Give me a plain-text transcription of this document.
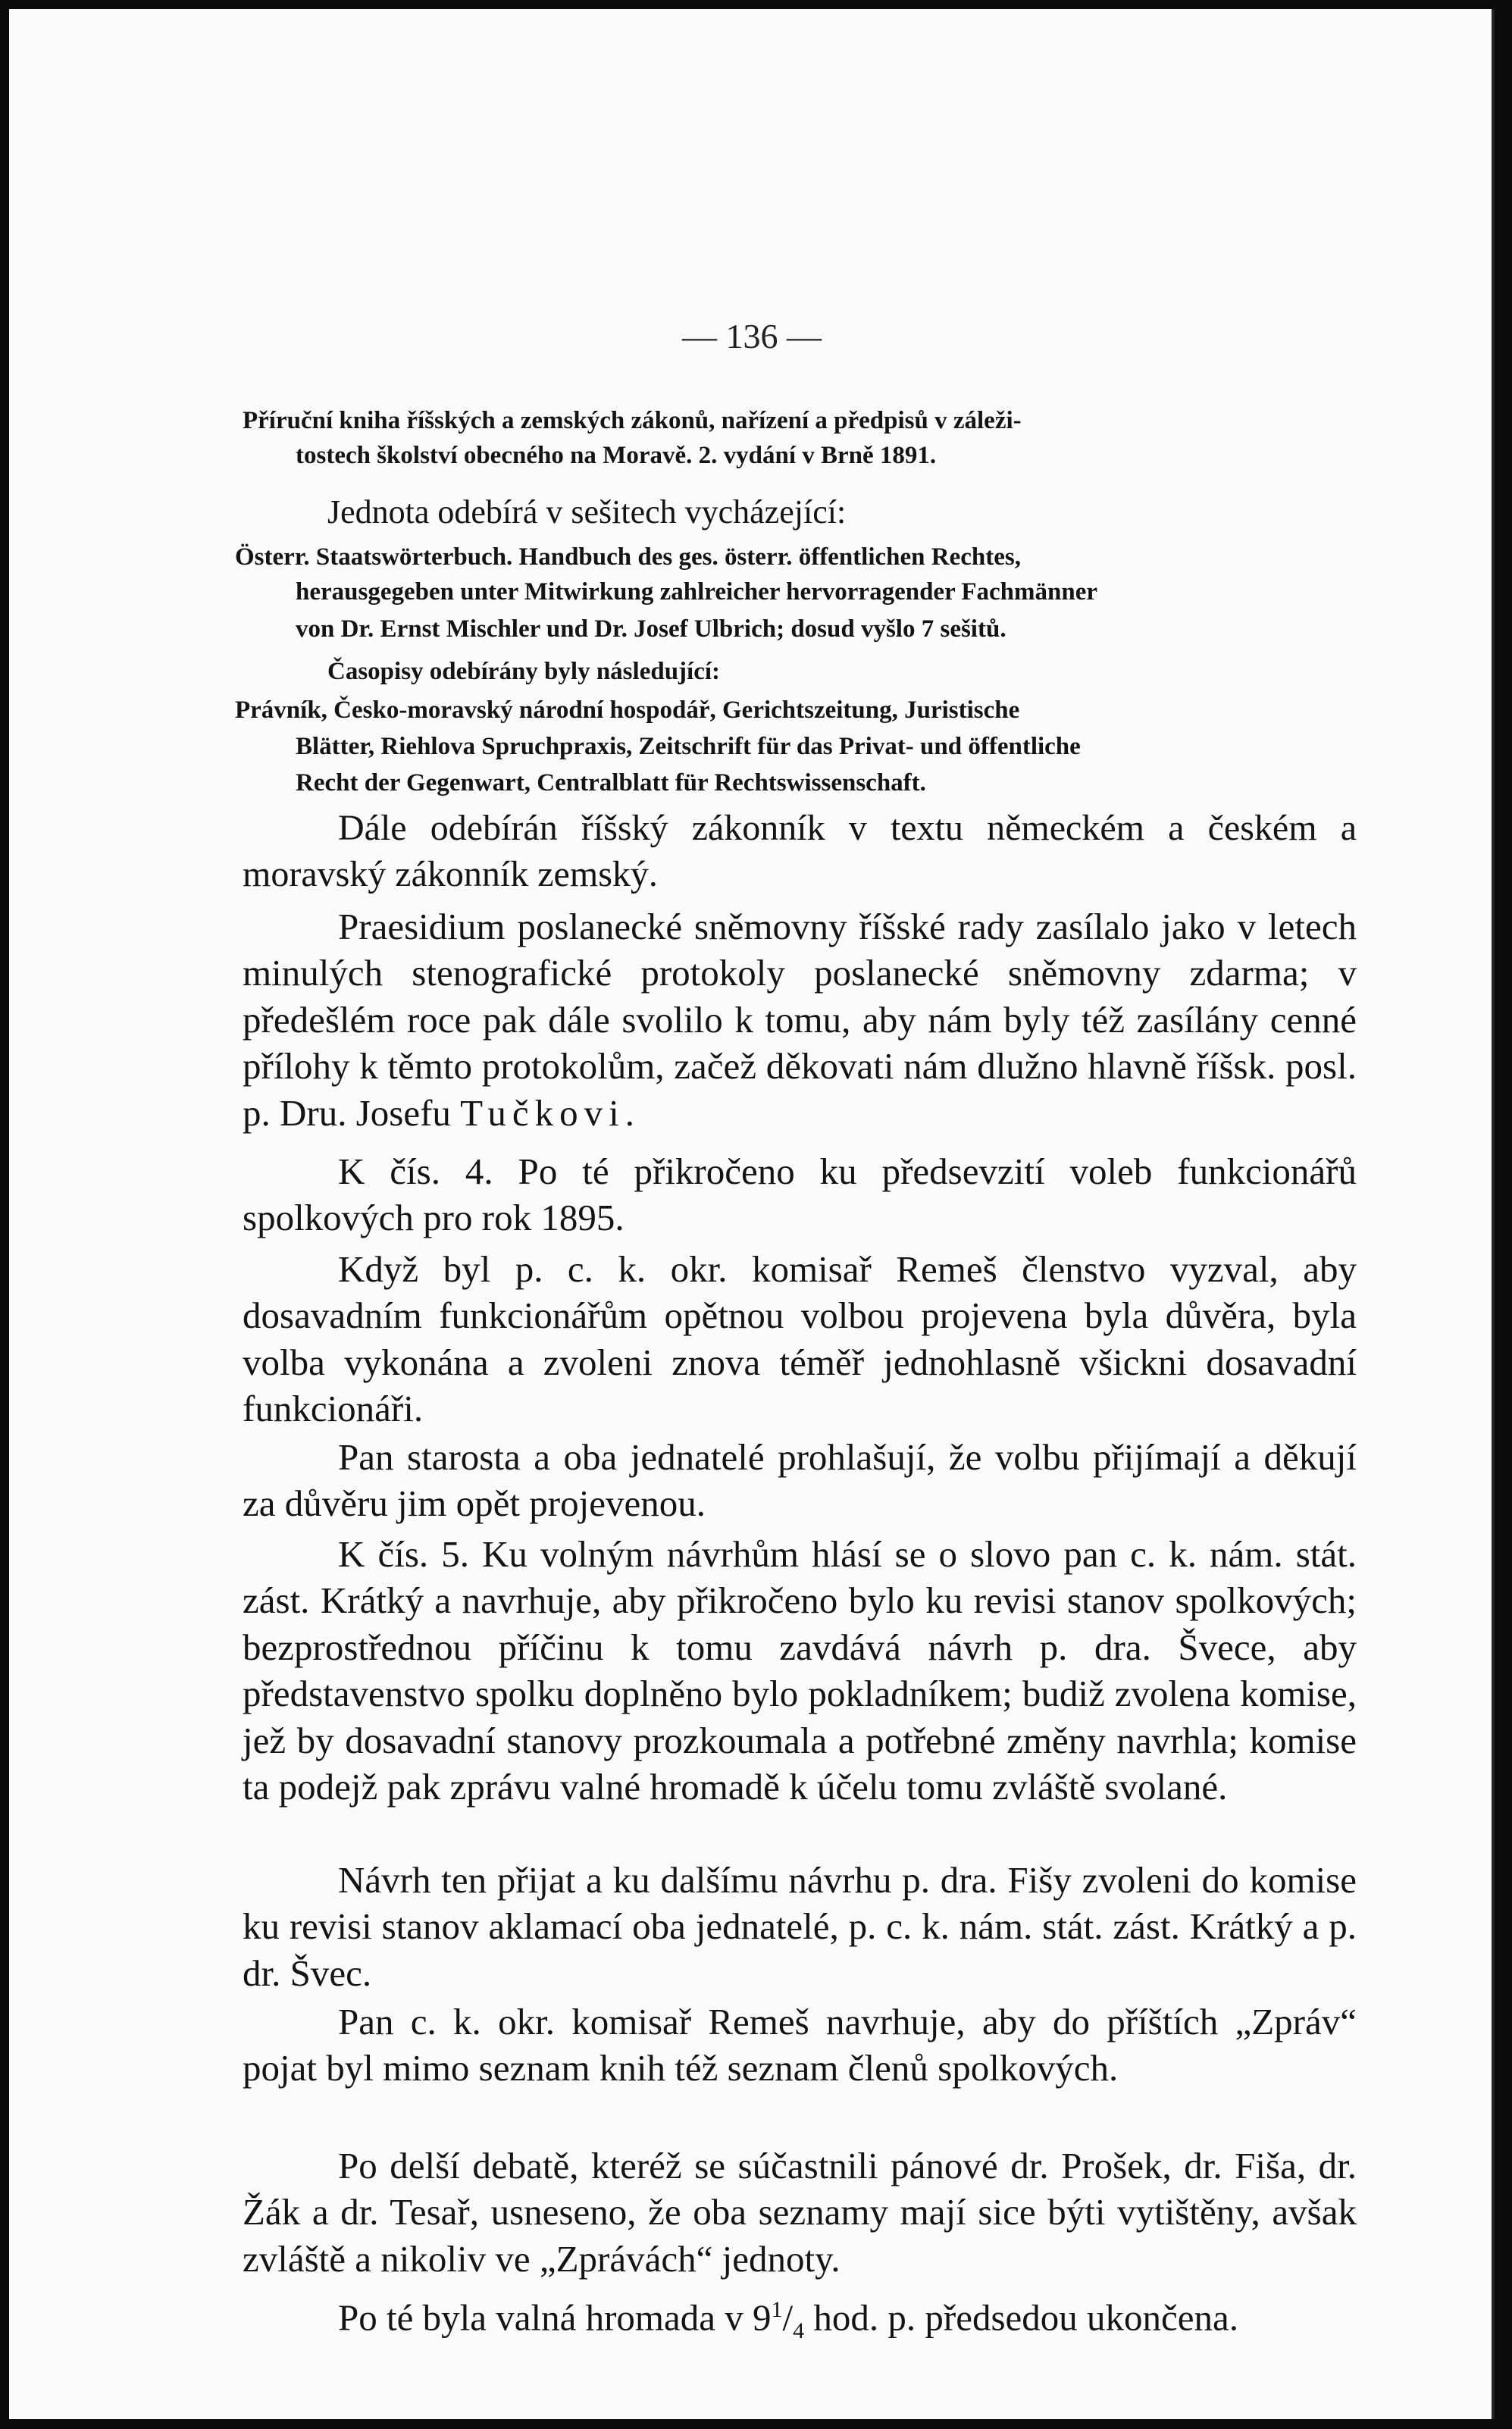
— 136 —

Příruční kniha říšských a zemských zákonů, nařízení a předpisů v záleži-

tostech školství obecného na Moravě. 2. vydání v Brně 1891.

Jednota odebírá v sešitech vycházející:

Österr. Staatswörterbuch. Handbuch des ges. österr. öffentlichen Rechtes,

herausgegeben unter Mitwirkung zahlreicher hervorragender Fachmänner

von Dr. Ernst Mischler und Dr. Josef Ulbrich; dosud vyšlo 7 sešitů.

Časopisy odebírány byly následující:

Právník, Česko-moravský národní hospodář, Gerichtszeitung, Juristische

Blätter, Riehlova Spruchpraxis, Zeitschrift für das Privat- und öffentliche

Recht der Gegenwart, Centralblatt für Rechtswissenschaft.

Dále odebírán říšský zákonník v textu německém a českém a moravský zákonník zemský.

Praesidium poslanecké sněmovny říšské rady zasílalo jako v letech minulých stenografické protokoly poslanecké sněmovny zdarma; v předešlém roce pak dále svolilo k tomu, aby nám byly též zasílány cenné přílohy k těmto protokolům, začež děkovati nám dlužno hlavně říšsk. posl. p. Dru. Josefu Tučkovi.

K čís. 4. Po té přikročeno ku předsevzití voleb funkcionářů spolkových pro rok 1895.

Když byl p. c. k. okr. komisař Remeš členstvo vyzval, aby dosavadním funkcionářům opětnou volbou projevena byla důvěra, byla volba vykonána a zvoleni znova téměř jednohlasně všickni dosavadní funkcionáři.

Pan starosta a oba jednatelé prohlašují, že volbu přijímají a děkují za důvěru jim opět projevenou.

K čís. 5. Ku volným návrhům hlásí se o slovo pan c. k. nám. stát. zást. Krátký a navrhuje, aby přikročeno bylo ku revisi stanov spolkových; bezprostřednou příčinu k tomu zavdává návrh p. dra. Švece, aby představenstvo spolku doplněno bylo pokladníkem; budiž zvolena komise, jež by dosavadní stanovy prozkoumala a potřebné změny navrhla; komise ta podejž pak zprávu valné hromadě k účelu tomu zvláště svolané.

Návrh ten přijat a ku dalšímu návrhu p. dra. Fišy zvoleni do komise ku revisi stanov aklamací oba jednatelé, p. c. k. nám. stát. zást. Krátký a p. dr. Švec.

Pan c. k. okr. komisař Remeš navrhuje, aby do příštích „Zpráv“ pojat byl mimo seznam knih též seznam členů spolkových.

Po delší debatě, kteréž se súčastnili pánové dr. Prošek, dr. Fiša, dr. Žák a dr. Tesař, usneseno, že oba seznamy mají sice býti vytištěny, avšak zvláště a nikoliv ve „Zprávách“ jednoty.

Po té byla valná hromada v $9^1/_4$ hod. p. předsedou ukončena.
